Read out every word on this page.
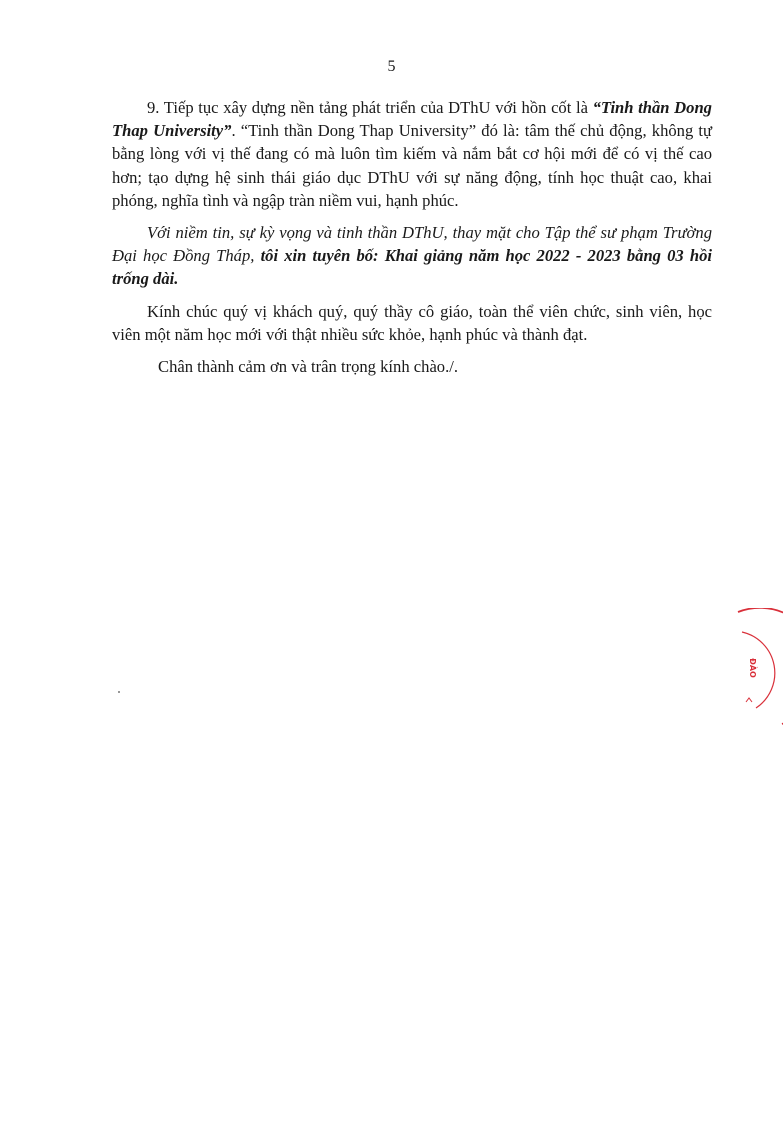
5

9. Tiếp tục xây dựng nền tảng phát triển của DThU với hồn cốt là “Tinh thần Dong Thap University”. “Tinh thần Dong Thap University” đó là: tâm thế chủ động, không tự bằng lòng với vị thế đang có mà luôn tìm kiếm và nắm bắt cơ hội mới để có vị thế cao hơn; tạo dựng hệ sinh thái giáo dục DThU với sự năng động, tính học thuật cao, khai phóng, nghĩa tình và ngập tràn niềm vui, hạnh phúc.

Với niềm tin, sự kỳ vọng và tinh thần DThU, thay mặt cho Tập thể sư phạm Trường Đại học Đồng Tháp, tôi xin tuyên bố: Khai giảng năm học 2022 - 2023 bằng 03 hồi trống dài.

Kính chúc quý vị khách quý, quý thầy cô giáo, toàn thể viên chức, sinh viên, học viên một năm học mới với thật nhiều sức khỏe, hạnh phúc và thành đạt.

Chân thành cảm ơn và trân trọng kính chào./.

ĐÀO
